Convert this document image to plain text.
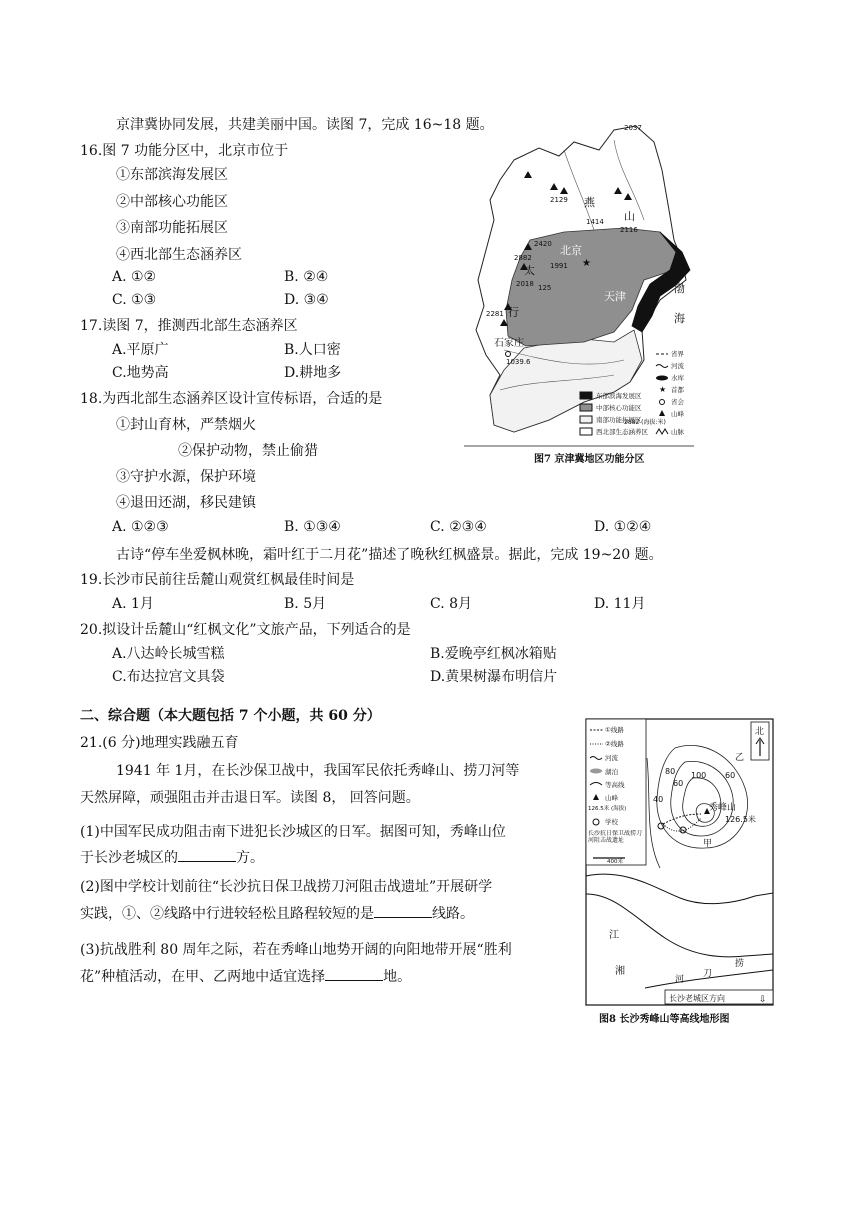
京津冀协同发展，共建美丽中国。读图 7，完成 16~18 题。
16.图 7 功能分区中，北京市位于
①东部滨海发展区
②中部核心功能区
③南部功能拓展区
④西北部生态涵养区
A. ①②	B. ②④
C. ①③	D. ③④
17.读图 7，推测西北部生态涵养区
A.平原广	B.人口密
C.地势高	D.耕地多
18.为西北部生态涵养区设计宣传标语，合适的是
①封山育林，严禁烟火
②保护动物，禁止偷猎
③守护水源，保护环境
④退田还湖，移民建镇
A. ①②③	B. ①③④	C. ②③④	D. ①②④
古诗“停车坐爱枫林晚，霜叶红于二月花”描述了晚秋红枫盛景。据此，完成 19~20 题。
19.长沙市民前往岳麓山观赏红枫最佳时间是
A. 1月	B. 5月	C. 8月	D. 11月
20.拟设计岳麓山“红枫文化”文旅产品，下列适合的是
A.八达岭长城雪糕	B.爱晚亭红枫冰箱贴
C.布达拉宫文具袋	D.黄果树瀑布明信片
二、综合题（本大题包括 7 个小题，共 60 分）
21.(6 分)地理实践融五育
1941 年 1月，在长沙保卫战中，我国军民依托秀峰山、捞刀河等
天然屏障，顽强阻击并击退日军。读图 8， 回答问题。
(1)中国军民成功阻击南下进犯长沙城区的日军。据图可知，秀峰山位
于长沙老城区的	方。
(2)图中学校计划前往“长沙抗日保卫战捞刀河阻击战遗址”开展研学
实践，①、②线路中行进较轻松且路程较短的是	线路。
(3)抗战胜利 80 周年之际，若在秀峰山地势开阔的向阳地带开展“胜利
花”种植活动，在甲、乙两地中适宜选择	地。
渤
海
燕
山
北京
天津
太
行
石家庄
★
2037
2129
1414
2116
2420
2882
1991
2018 125
2281
1039.6
省界
河流
水库
★ 首都
省会
山峰
2882 (海拔:米)
山脉
东部滨海发展区
中部核心功能区
南部功能拓展区
西北部生态涵养区
图7 京津冀地区功能分区
①线路
②线路
河流
湖泊
等高线
山峰
126.5米 (海拔)
学校
长沙抗日保卫战捞刀河阻击战遗址
400米
北
80
60
100
40
60
秀峰山
126.5米
乙
甲
江
湘
捞
刀
河
长沙老城区方向	⇩
图8 长沙秀峰山等高线地形图
